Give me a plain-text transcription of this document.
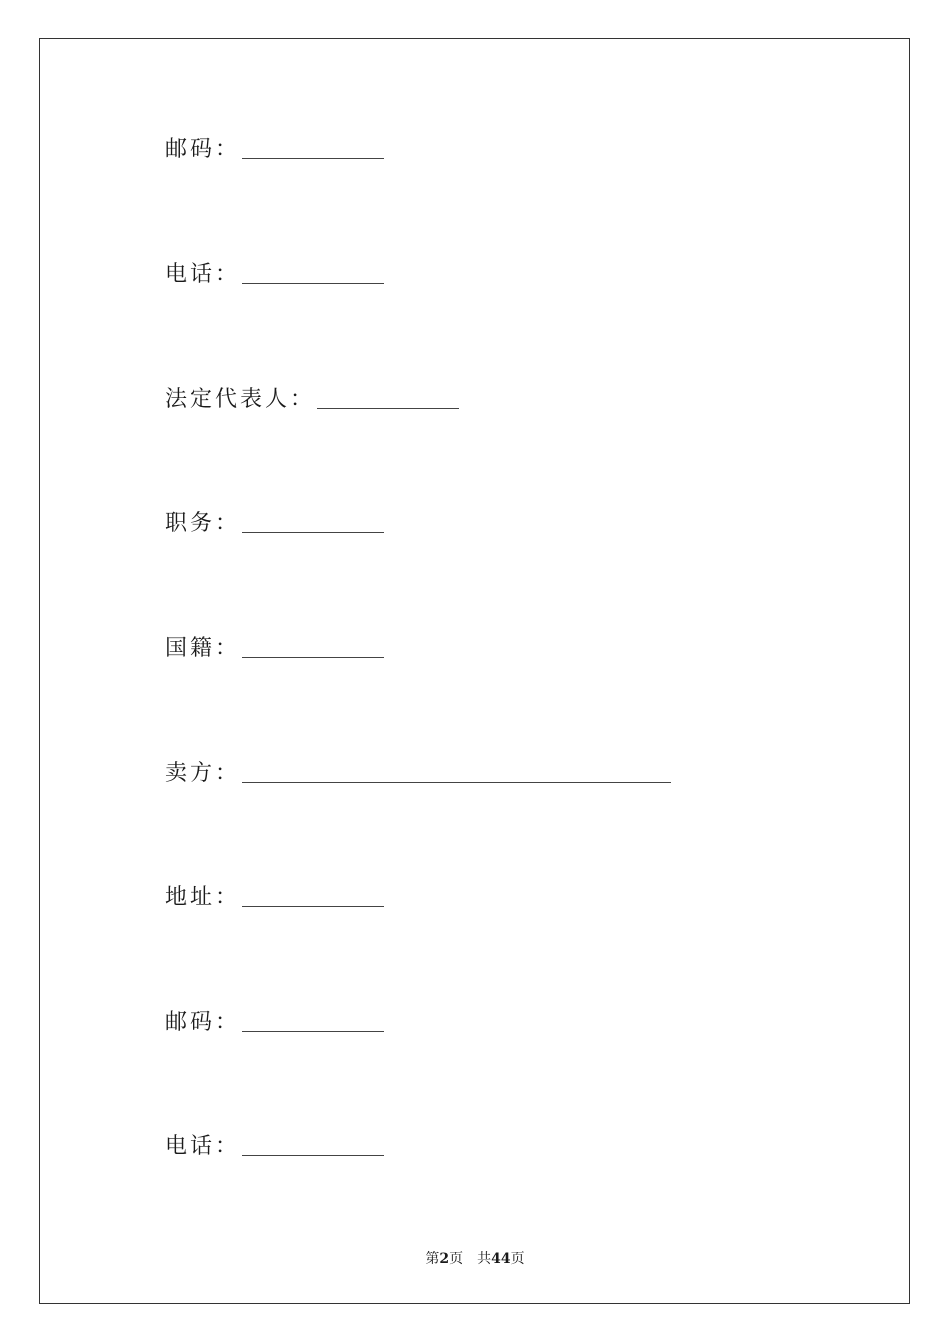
邮码：
电话：
法定代表人：
职务：
国籍：
卖方：
地址：
邮码：
电话：
第2页 共44页
